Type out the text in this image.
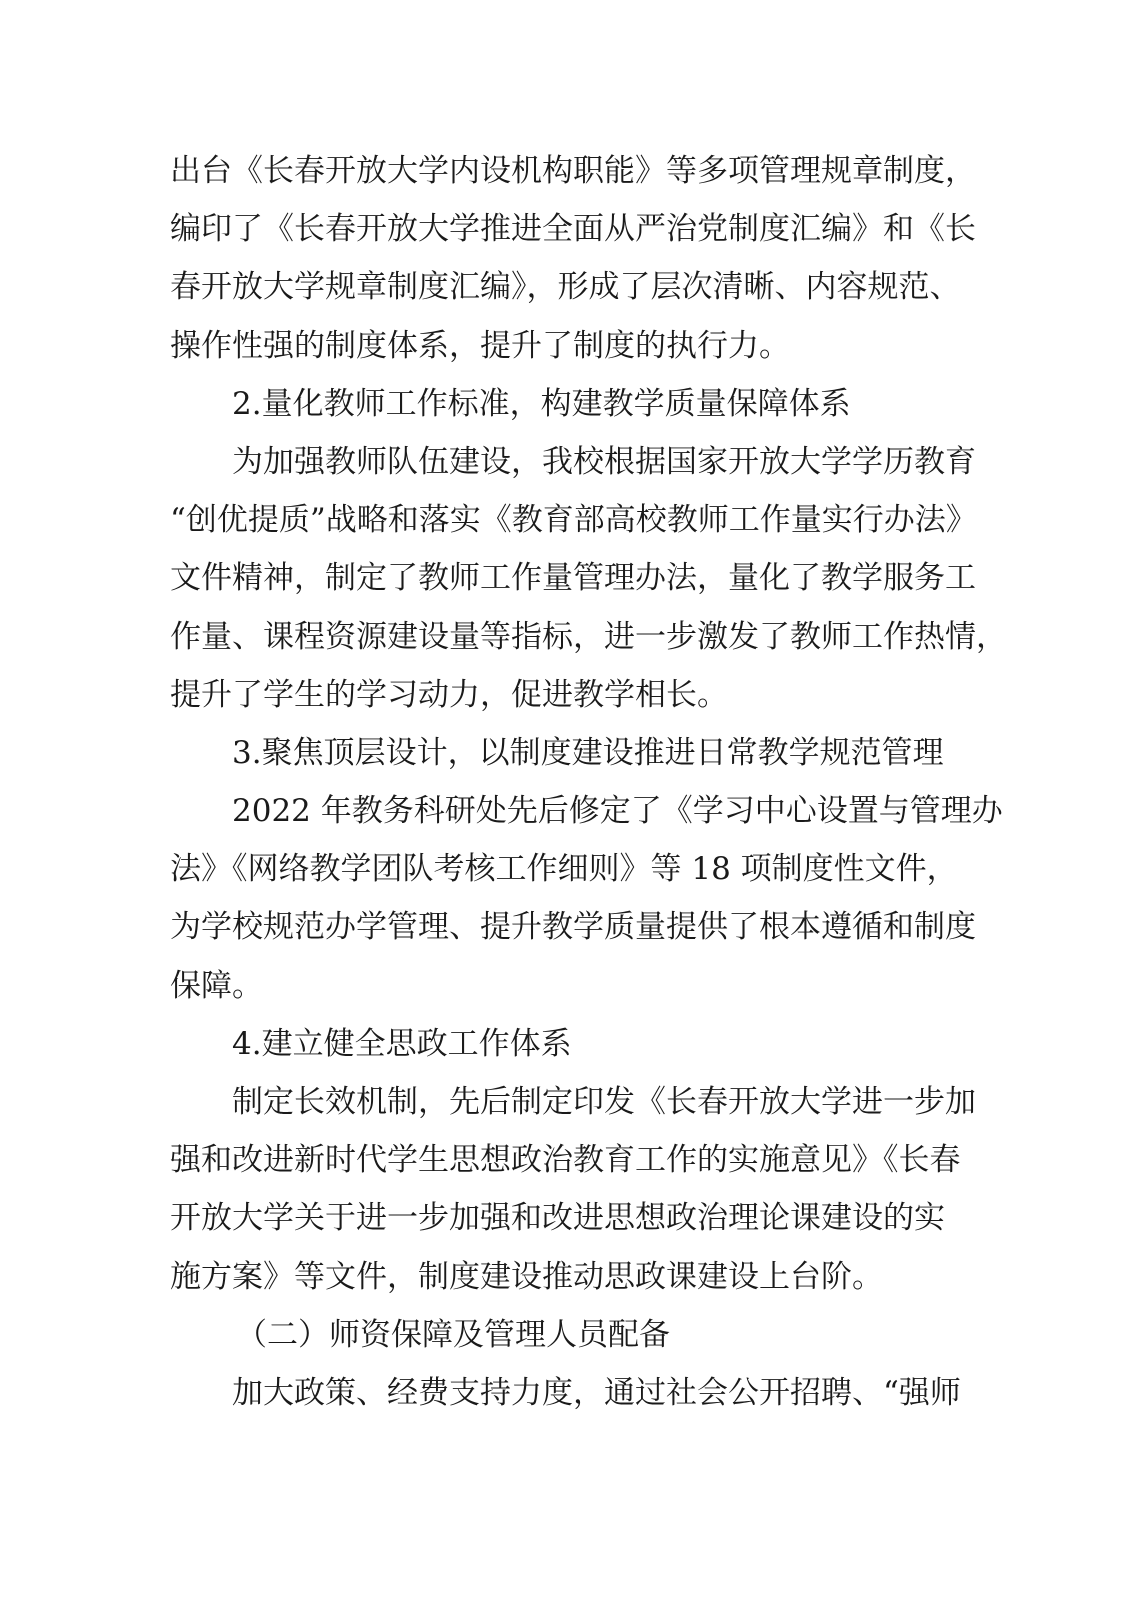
出台《长春开放大学内设机构职能》等多项管理规章制度，
编印了《长春开放大学推进全面从严治党制度汇编》和《长
春开放大学规章制度汇编》，形成了层次清晰、内容规范、
操作性强的制度体系，提升了制度的执行力。
2.量化教师工作标准，构建教学质量保障体系
为加强教师队伍建设，我校根据国家开放大学学历教育
“创优提质”战略和落实《教育部高校教师工作量实行办法》
文件精神，制定了教师工作量管理办法，量化了教学服务工
作量、课程资源建设量等指标，进一步激发了教师工作热情，
提升了学生的学习动力，促进教学相长。
3.聚焦顶层设计，以制度建设推进日常教学规范管理
2022 年教务科研处先后修定了《学习中心设置与管理办
法》《网络教学团队考核工作细则》等 18 项制度性文件，
为学校规范办学管理、提升教学质量提供了根本遵循和制度
保障。
4.建立健全思政工作体系
制定长效机制，先后制定印发《长春开放大学进一步加
强和改进新时代学生思想政治教育工作的实施意见》《长春
开放大学关于进一步加强和改进思想政治理论课建设的实
施方案》等文件，制度建设推动思政课建设上台阶。
（二）师资保障及管理人员配备
加大政策、经费支持力度，通过社会公开招聘、“强师
